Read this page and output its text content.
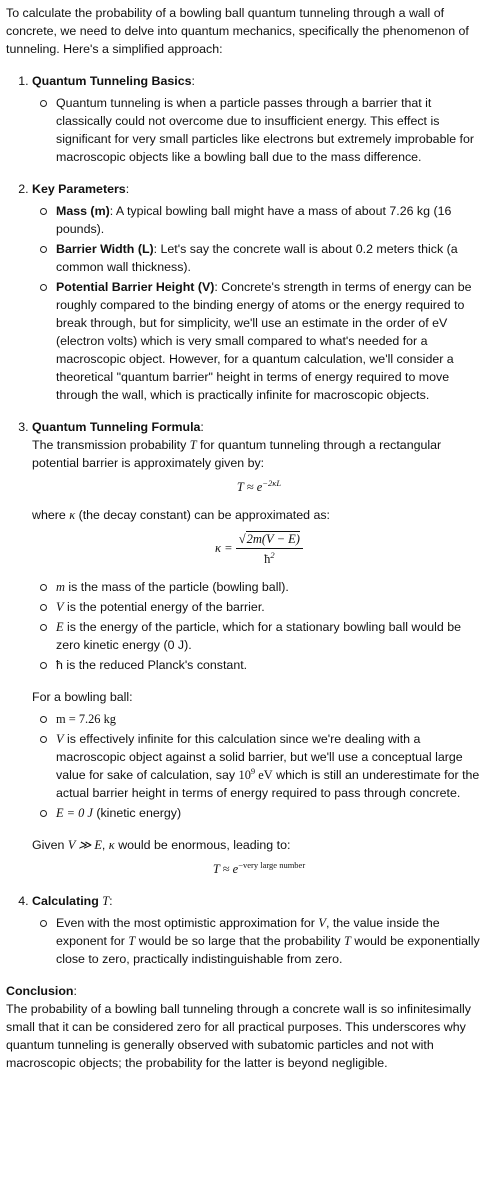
To calculate the probability of a bowling ball quantum tunneling through a wall of concrete, we need to delve into quantum mechanics, specifically the phenomenon of tunneling. Here's a simplified approach:

1. Quantum Tunneling Basics:
Quantum tunneling is when a particle passes through a barrier that it classically could not overcome due to insufficient energy. This effect is significant for very small particles like electrons but extremely improbable for macroscopic objects like a bowling ball due to the mass difference.
2. Key Parameters:
Mass (m): A typical bowling ball might have a mass of about 7.26 kg (16 pounds).
Barrier Width (L): Let's say the concrete wall is about 0.2 meters thick (a common wall thickness).
Potential Barrier Height (V): Concrete's strength in terms of energy can be roughly compared to the binding energy of atoms or the energy required to break through, but for simplicity, we'll use an estimate in the order of eV (electron volts) which is very small compared to what's needed for a macroscopic object. However, for a quantum calculation, we'll consider a theoretical "quantum barrier" height in terms of energy required to move through the wall, which is practically infinite for macroscopic objects.
3. Quantum Tunneling Formula:

The transmission probability T for quantum tunneling through a rectangular potential barrier is approximately given by:

$T \approx e^{-2\kappa L}$

where κ (the decay constant) can be approximated as:

$\kappa = \frac{√2m(V - E)}{ħ^2}$
m is the mass of the particle (bowling ball).
V is the potential energy of the barrier.
E is the energy of the particle, which for a stationary bowling ball would be zero kinetic energy (0 J).
ħ is the reduced Planck's constant.

For a bowling ball:

m = 7.26 kg
V is effectively infinite for this calculation since we're dealing with a macroscopic object against a solid barrier, but we'll use a conceptual large value for sake of calculation, say $10^9$ eV which is still an underestimate for the actual barrier height in terms of energy required to pass through concrete.
E = 0 J (kinetic energy)

Given V ≫ E, κ would be enormous, leading to:

$T \approx e^{-very large number}$
4. Calculating T:
Even with the most optimistic approximation for V, the value inside the exponent for T would be so large that the probability T would be exponentially close to zero, practically indistinguishable from zero.

Conclusion:

The probability of a bowling ball tunneling through a concrete wall is so infinitesimally small that it can be considered zero for all practical purposes. This underscores why quantum tunneling is generally observed with subatomic particles and not with macroscopic objects; the probability for the latter is beyond negligible.
